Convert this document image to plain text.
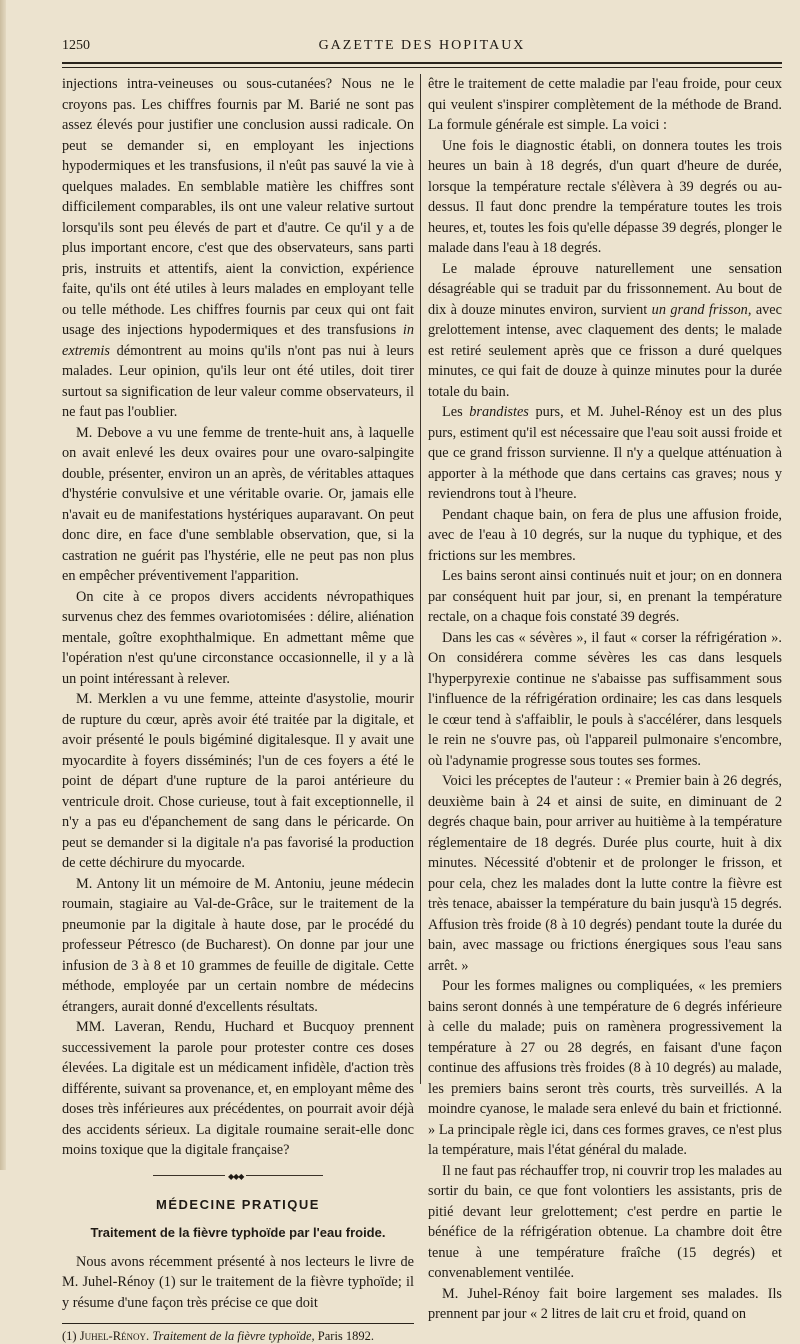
1250	GAZETTE DES HOPITAUX

injections intra-veineuses ou sous-cutanées? Nous ne le croyons pas. Les chiffres fournis par M. Barié ne sont pas assez élevés pour justifier une conclusion aussi radicale. On peut se demander si, en employant les injections hypodermiques et les transfusions, il n'eût pas sauvé la vie à quelques malades. En semblable matière les chiffres sont difficilement comparables, ils ont une valeur relative surtout lorsqu'ils sont peu élevés de part et d'autre. Ce qu'il y a de plus important encore, c'est que des observateurs, sans parti pris, instruits et attentifs, aient la conviction, expérience faite, qu'ils ont été utiles à leurs malades en employant telle ou telle méthode. Les chiffres fournis par ceux qui ont fait usage des injections hypodermiques et des transfusions in extremis démontrent au moins qu'ils n'ont pas nui à leurs malades. Leur opinion, qu'ils leur ont été utiles, doit tirer surtout sa signification de leur valeur comme observateurs, il ne faut pas l'oublier.

M. Debove a vu une femme de trente-huit ans, à laquelle on avait enlevé les deux ovaires pour une ovaro-salpingite double, présenter, environ un an après, de véritables attaques d'hystérie convulsive et une véritable ovarie. Or, jamais elle n'avait eu de manifestations hystériques auparavant. On peut donc dire, en face d'une semblable observation, que, si la castration ne guérit pas l'hystérie, elle ne peut pas non plus en empêcher préventivement l'apparition.

On cite à ce propos divers accidents névropathiques survenus chez des femmes ovariotomisées : délire, aliénation mentale, goître exophthalmique. En admettant même que l'opération n'est qu'une circonstance occasionnelle, il y a là un point intéressant à relever.

M. Merklen a vu une femme, atteinte d'asystolie, mourir de rupture du cœur, après avoir été traitée par la digitale, et avoir présenté le pouls bigéminé digitalesque. Il y avait une myocardite à foyers disséminés; l'un de ces foyers a été le point de départ d'une rupture de la paroi antérieure du ventricule droit. Chose curieuse, tout à fait exceptionnelle, il n'y a pas eu d'épanchement de sang dans le péricarde. On peut se demander si la digitale n'a pas favorisé la production de cette déchirure du myocarde.

M. Antony lit un mémoire de M. Antoniu, jeune médecin roumain, stagiaire au Val-de-Grâce, sur le traitement de la pneumonie par la digitale à haute dose, par le procédé du professeur Pétresco (de Bucharest). On donne par jour une infusion de 3 à 8 et 10 grammes de feuille de digitale. Cette méthode, employée par un certain nombre de médecins étrangers, aurait donné d'excellents résultats.

MM. Laveran, Rendu, Huchard et Bucquoy prennent successivement la parole pour protester contre ces doses élevées. La digitale est un médicament infidèle, d'action très différente, suivant sa provenance, et, en employant même des doses très inférieures aux précédentes, on pourrait avoir déjà des accidents sérieux. La digitale roumaine serait-elle donc moins toxique que la digitale française?

◆◆◆
MÉDECINE PRATIQUE
Traitement de la fièvre typhoïde par l'eau froide.

Nous avons récemment présenté à nos lecteurs le livre de M. Juhel-Rénoy (1) sur le traitement de la fièvre typhoïde; il y résume d'une façon très précise ce que doit

(1) Juhel-Rénoy. Traitement de la fièvre typhoïde, Paris 1892.

être le traitement de cette maladie par l'eau froide, pour ceux qui veulent s'inspirer complètement de la méthode de Brand. La formule générale est simple. La voici :

Une fois le diagnostic établi, on donnera toutes les trois heures un bain à 18 degrés, d'un quart d'heure de durée, lorsque la température rectale s'élèvera à 39 degrés ou au-dessus. Il faut donc prendre la température toutes les trois heures, et, toutes les fois qu'elle dépasse 39 degrés, plonger le malade dans l'eau à 18 degrés.

Le malade éprouve naturellement une sensation désagréable qui se traduit par du frissonnement. Au bout de dix à douze minutes environ, survient un grand frisson, avec grelottement intense, avec claquement des dents; le malade est retiré seulement après que ce frisson a duré quelques minutes, ce qui fait de douze à quinze minutes pour la durée totale du bain.

Les brandistes purs, et M. Juhel-Rénoy est un des plus purs, estiment qu'il est nécessaire que l'eau soit aussi froide et que ce grand frisson survienne. Il n'y a quelque atténuation à apporter à la méthode que dans certains cas graves; nous y reviendrons tout à l'heure.

Pendant chaque bain, on fera de plus une affusion froide, avec de l'eau à 10 degrés, sur la nuque du typhique, et des frictions sur les membres.

Les bains seront ainsi continués nuit et jour; on en donnera par conséquent huit par jour, si, en prenant la température rectale, on a chaque fois constaté 39 degrés.

Dans les cas « sévères », il faut « corser la réfrigération ». On considérera comme sévères les cas dans lesquels l'hyperpyrexie continue ne s'abaisse pas suffisamment sous l'influence de la réfrigération ordinaire; les cas dans lesquels le cœur tend à s'affaiblir, le pouls à s'accélérer, dans lesquels le rein ne s'ouvre pas, où l'appareil pulmonaire s'encombre, où l'adynamie progresse sous toutes ses formes.

Voici les préceptes de l'auteur : « Premier bain à 26 degrés, deuxième bain à 24 et ainsi de suite, en diminuant de 2 degrés chaque bain, pour arriver au huitième à la température réglementaire de 18 degrés. Durée plus courte, huit à dix minutes. Nécessité d'obtenir et de prolonger le frisson, et pour cela, chez les malades dont la lutte contre la fièvre est très tenace, abaisser la température du bain jusqu'à 15 degrés. Affusion très froide (8 à 10 degrés) pendant toute la durée du bain, avec massage ou frictions énergiques sous l'eau sans arrêt. »

Pour les formes malignes ou compliquées, « les premiers bains seront donnés à une température de 6 degrés inférieure à celle du malade; puis on ramènera progressivement la température à 27 ou 28 degrés, en faisant d'une façon continue des affusions très froides (8 à 10 degrés) au malade, les premiers bains seront très courts, très surveillés. A la moindre cyanose, le malade sera enlevé du bain et frictionné. » La principale règle ici, dans ces formes graves, ce n'est plus la température, mais l'état général du malade.

Il ne faut pas réchauffer trop, ni couvrir trop les malades au sortir du bain, ce que font volontiers les assistants, pris de pitié devant leur grelottement; c'est perdre en partie le bénéfice de la réfrigération obtenue. La chambre doit être tenue à une température fraîche (15 degrés) et convenablement ventilée.

M. Juhel-Rénoy fait boire largement ses malades. Ils prennent par jour « 2 litres de lait cru et froid, quand on
